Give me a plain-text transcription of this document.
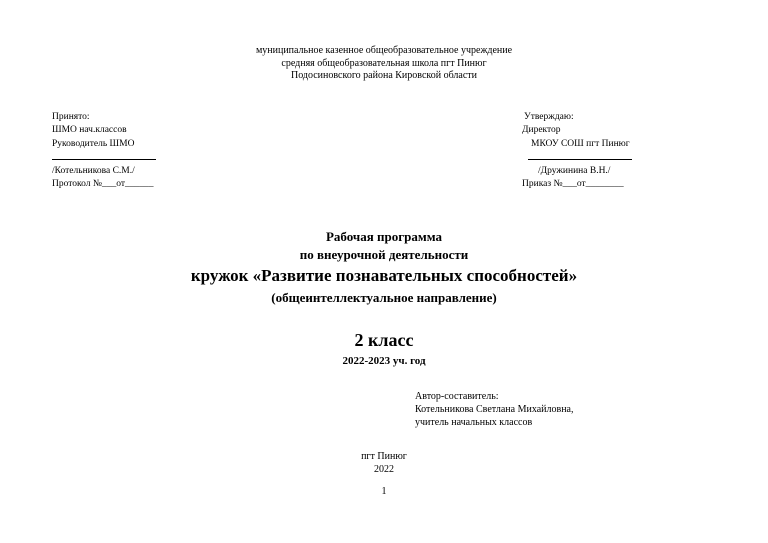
муниципальное казенное общеобразовательное учреждение
средняя общеобразовательная школа пгт Пинюг
Подосиновского района Кировской области
Принято:
ШМО нач.классов
Руководитель ШМО
/Котельникова С.М./
Протокол №___от______
Утверждаю:
Директор
МКОУ СОШ пгт Пинюг
/Дружинина В.Н./
Приказ №___от________
Рабочая программа
по внеурочной деятельности
кружок «Развитие познавательных способностей»
(общеинтеллектуальное направление)
2 класс
2022-2023 уч. год
Автор-составитель:
Котельникова Светлана Михайловна,
учитель начальных классов
пгт Пинюг
2022
1
